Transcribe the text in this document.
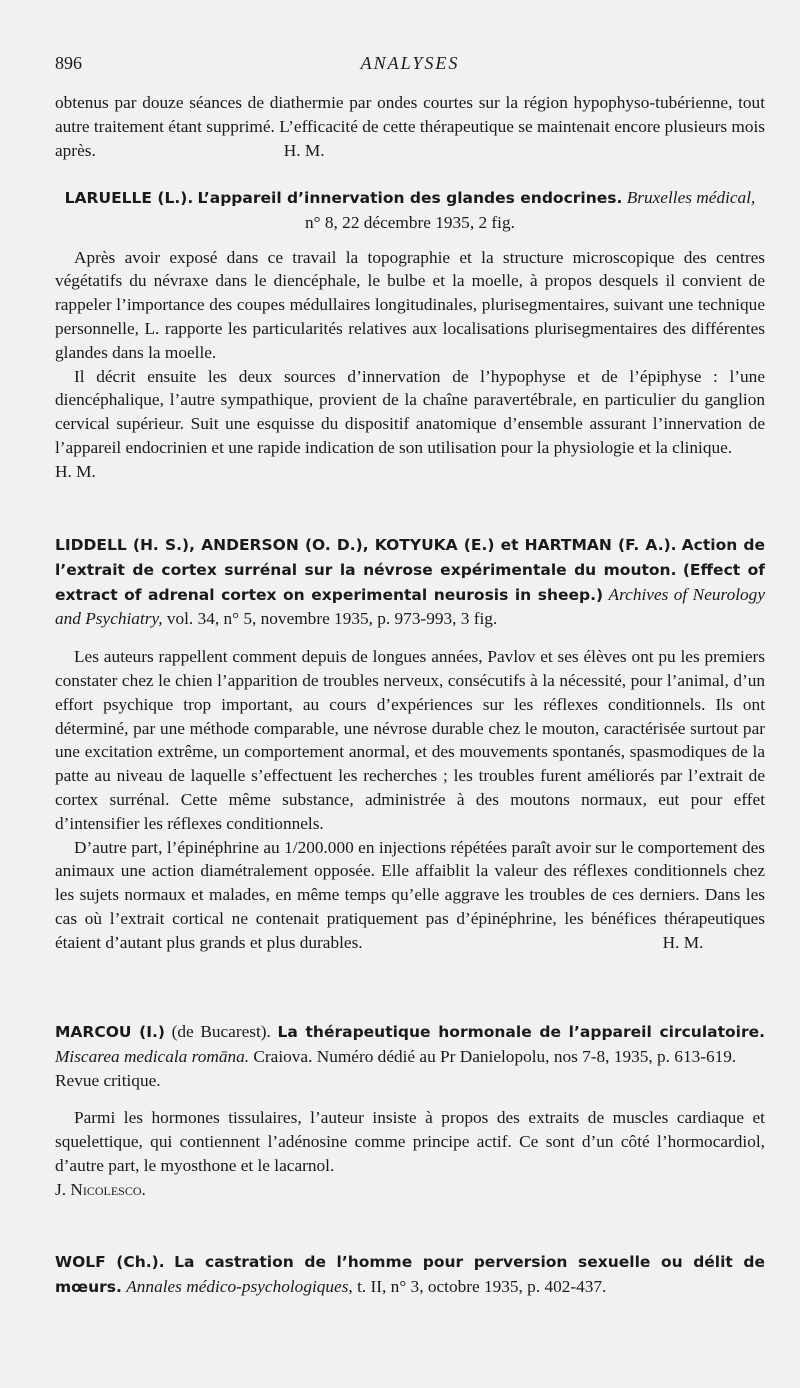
896	ANALYSES

obtenus par douze séances de diathermie par ondes courtes sur la région hypophyso-tubérienne, tout autre traitement étant supprimé. L’efficacité de cette thérapeutique se maintenait encore plusieurs mois après.	H. M.

LARUELLE (L.). L’appareil d’innervation des glandes endocrines. Bruxelles médical, n° 8, 22 décembre 1935, 2 fig.

Après avoir exposé dans ce travail la topographie et la structure microscopique des centres végétatifs du névraxe dans le diencéphale, le bulbe et la moelle, à propos desquels il convient de rappeler l’importance des coupes médullaires longitudinales, plurisegmentaires, suivant une technique personnelle, L. rapporte les particularités relatives aux localisations plurisegmentaires des différentes glandes dans la moelle.

Il décrit ensuite les deux sources d’innervation de l’hypophyse et de l’épiphyse : l’une diencéphalique, l’autre sympathique, provient de la chaîne paravertébrale, en particulier du ganglion cervical supérieur. Suit une esquisse du dispositif anatomique d’ensemble assurant l’innervation de l’appareil endocrinien et une rapide indication de son utilisation pour la physiologie et la clinique.

H. M.

LIDDELL (H. S.), ANDERSON (O. D.), KOTYUKA (E.) et HARTMAN (F. A.). Action de l’extrait de cortex surrénal sur la névrose expérimentale du mouton. (Effect of extract of adrenal cortex on experimental neurosis in sheep.) Archives of Neurology and Psychiatry, vol. 34, n° 5, novembre 1935, p. 973-993, 3 fig.

Les auteurs rappellent comment depuis de longues années, Pavlov et ses élèves ont pu les premiers constater chez le chien l’apparition de troubles nerveux, consécutifs à la nécessité, pour l’animal, d’un effort psychique trop important, au cours d’expériences sur les réflexes conditionnels. Ils ont déterminé, par une méthode comparable, une névrose durable chez le mouton, caractérisée surtout par une excitation extrême, un comportement anormal, et des mouvements spontanés, spasmodiques de la patte au niveau de laquelle s’effectuent les recherches ; les troubles furent améliorés par l’extrait de cortex surrénal. Cette même substance, administrée à des moutons normaux, eut pour effet d’intensifier les réflexes conditionnels.

D’autre part, l’épinéphrine au 1/200.000 en injections répétées paraît avoir sur le comportement des animaux une action diamétralement opposée. Elle affaiblit la valeur des réflexes conditionnels chez les sujets normaux et malades, en même temps qu’elle aggrave les troubles de ces derniers. Dans les cas où l’extrait cortical ne contenait pratiquement pas d’épinéphrine, les bénéfices thérapeutiques étaient d’autant plus grands et plus durables.	H. M.

MARCOU (I.) (de Bucarest). La thérapeutique hormonale de l’appareil circulatoire. Miscarea medicala romāna. Craiova. Numéro dédié au Pr Danielopolu, nos 7-8, 1935, p. 613-619.

Revue critique.

Parmi les hormones tissulaires, l’auteur insiste à propos des extraits de muscles cardiaque et squelettique, qui contiennent l’adénosine comme principe actif. Ce sont d’un côté l’hormocardiol, d’autre part, le myosthone et le lacarnol.

J. Nicolesco.

WOLF (Ch.). La castration de l’homme pour perversion sexuelle ou délit de mœurs. Annales médico-psychologiques, t. II, n° 3, octobre 1935, p. 402-437.
